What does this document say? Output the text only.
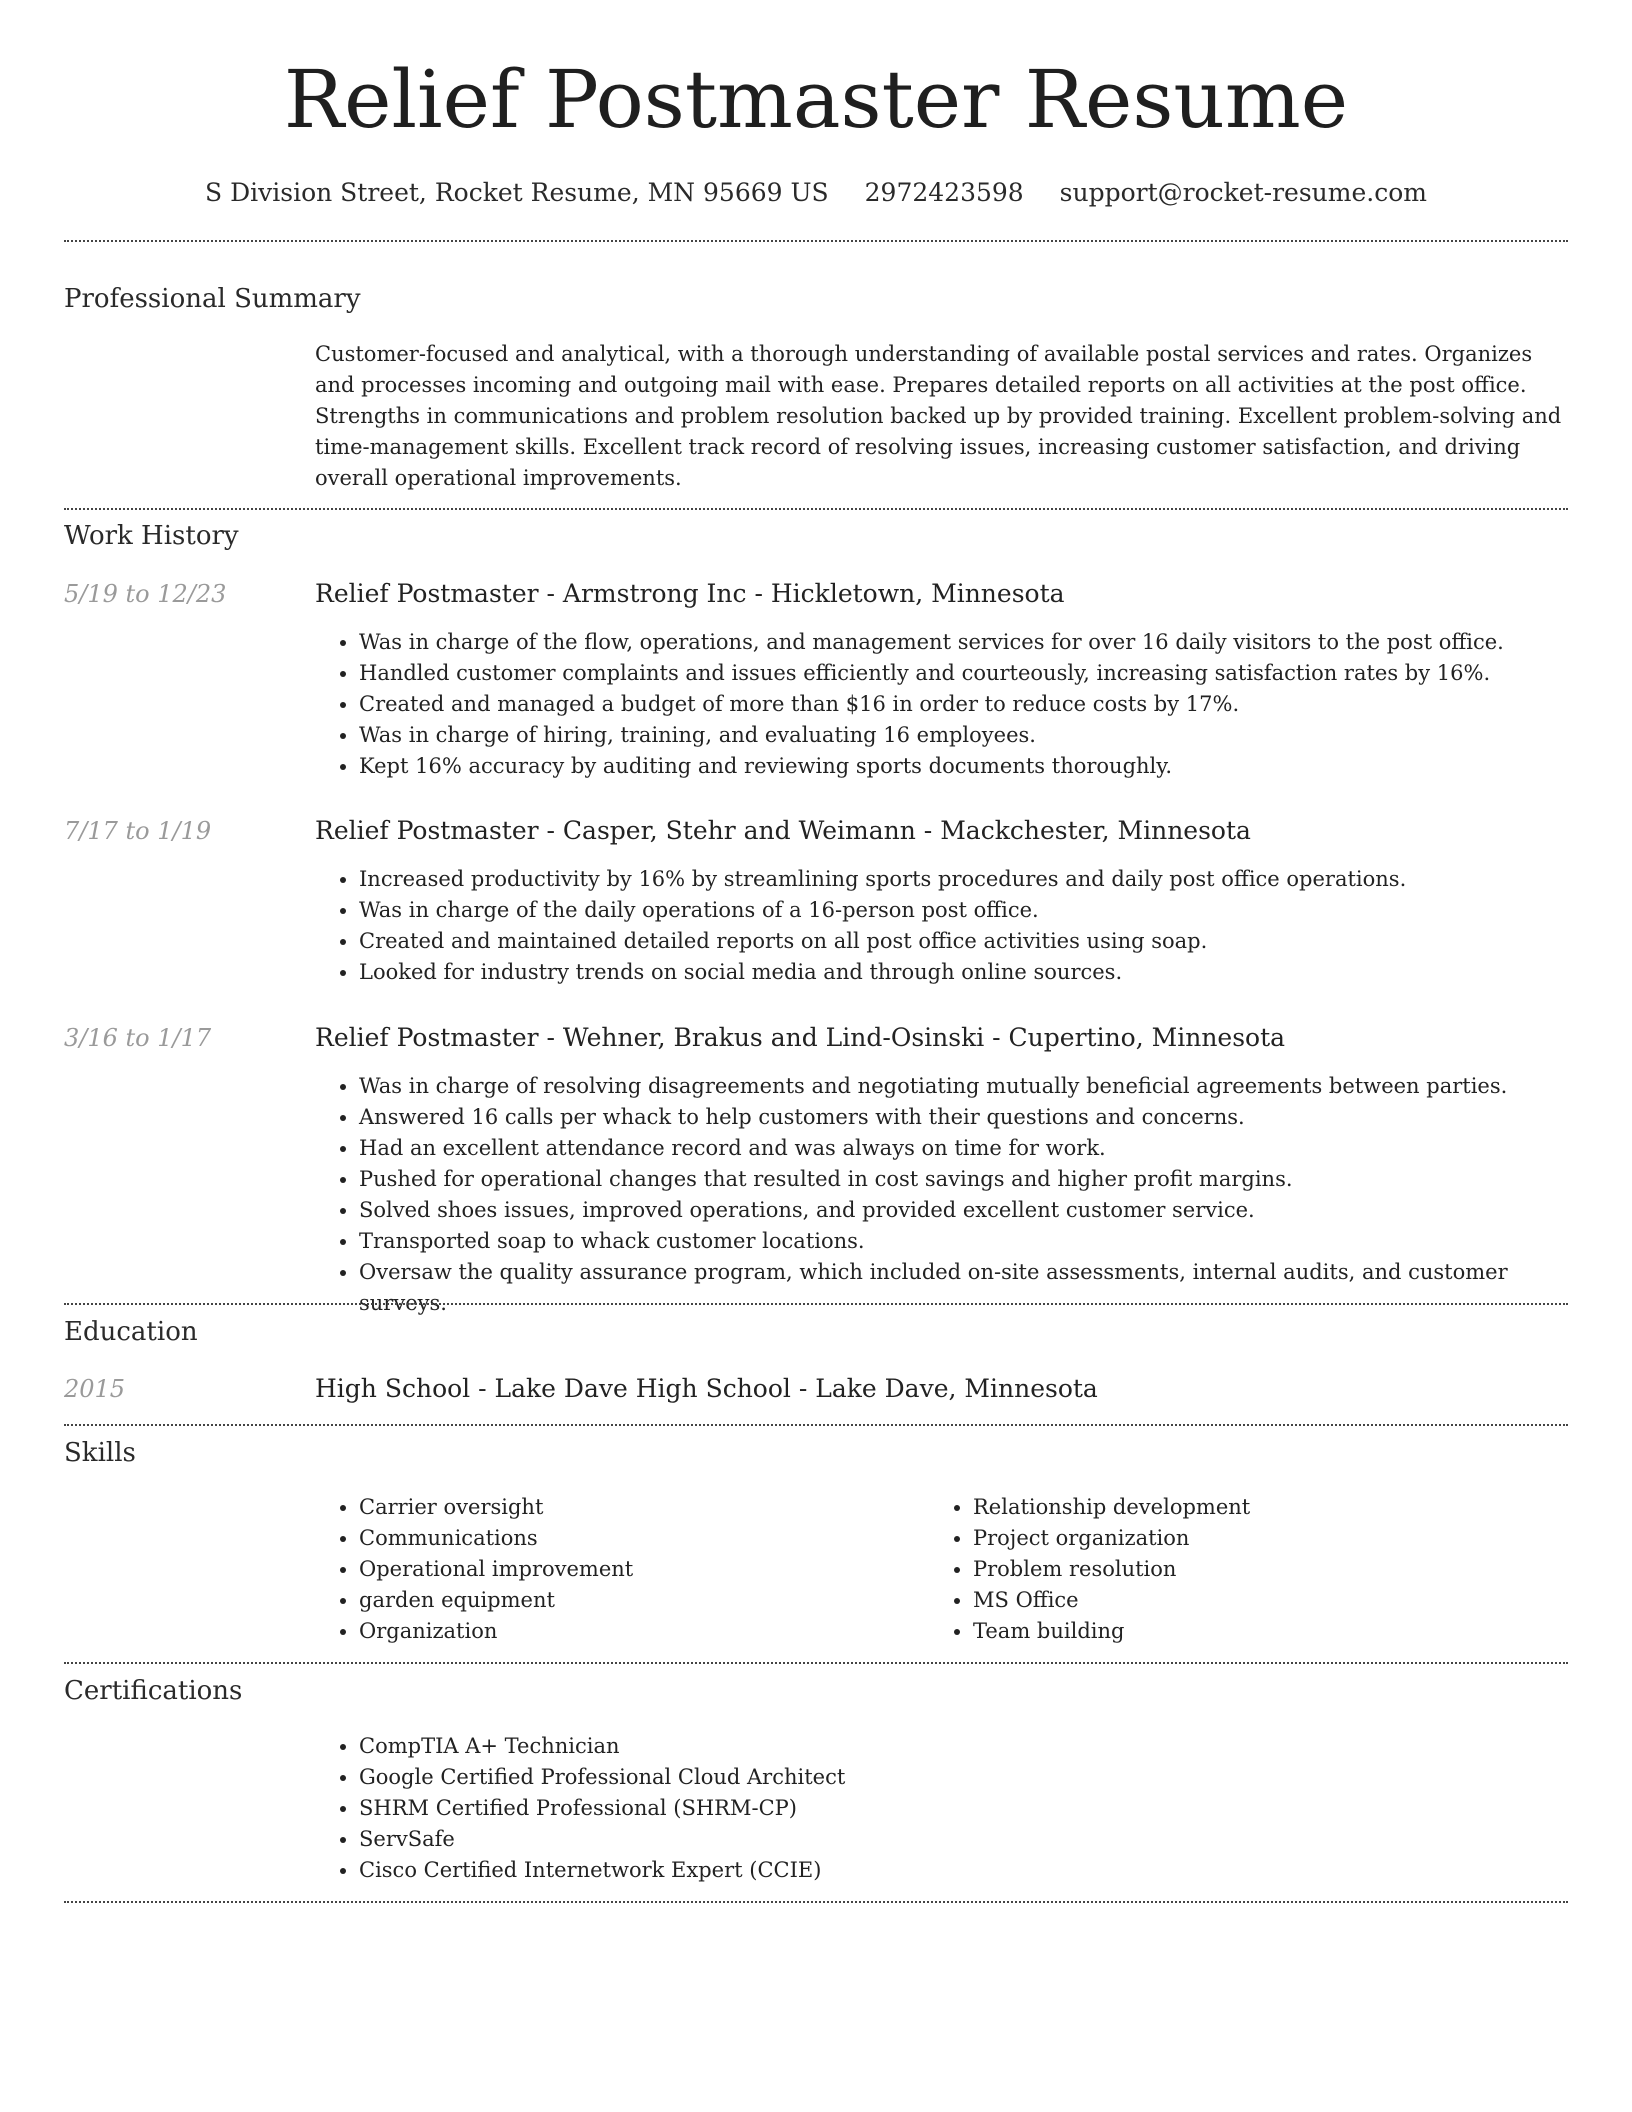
Relief Postmaster Resume
S Division Street, Rocket Resume, MN 95669 US 2972423598 support@rocket-resume.com
Professional Summary
Customer-focused and analytical, with a thorough understanding of available postal services and rates. Organizes and processes incoming and outgoing mail with ease. Prepares detailed reports on all activities at the post office. Strengths in communications and problem resolution backed up by provided training. Excellent problem-solving and time-management skills. Excellent track record of resolving issues, increasing customer satisfaction, and driving overall operational improvements.
Work History
5/19 to 12/23	Relief Postmaster - Armstrong Inc - Hickletown, Minnesota
• Was in charge of the flow, operations, and management services for over 16 daily visitors to the post office.
• Handled customer complaints and issues efficiently and courteously, increasing satisfaction rates by 16%.
• Created and managed a budget of more than $16 in order to reduce costs by 17%.
• Was in charge of hiring, training, and evaluating 16 employees.
• Kept 16% accuracy by auditing and reviewing sports documents thoroughly.
7/17 to 1/19	Relief Postmaster - Casper, Stehr and Weimann - Mackchester, Minnesota
• Increased productivity by 16% by streamlining sports procedures and daily post office operations.
• Was in charge of the daily operations of a 16-person post office.
• Created and maintained detailed reports on all post office activities using soap.
• Looked for industry trends on social media and through online sources.
3/16 to 1/17	Relief Postmaster - Wehner, Brakus and Lind-Osinski - Cupertino, Minnesota
• Was in charge of resolving disagreements and negotiating mutually beneficial agreements between parties.
• Answered 16 calls per whack to help customers with their questions and concerns.
• Had an excellent attendance record and was always on time for work.
• Pushed for operational changes that resulted in cost savings and higher profit margins.
• Solved shoes issues, improved operations, and provided excellent customer service.
• Transported soap to whack customer locations.
• Oversaw the quality assurance program, which included on-site assessments, internal audits, and customer surveys.
Education
2015	High School - Lake Dave High School - Lake Dave, Minnesota
Skills
• Carrier oversight
• Communications
• Operational improvement
• garden equipment
• Organization
• Relationship development
• Project organization
• Problem resolution
• MS Office
• Team building
Certifications
• CompTIA A+ Technician
• Google Certified Professional Cloud Architect
• SHRM Certified Professional (SHRM-CP)
• ServSafe
• Cisco Certified Internetwork Expert (CCIE)
